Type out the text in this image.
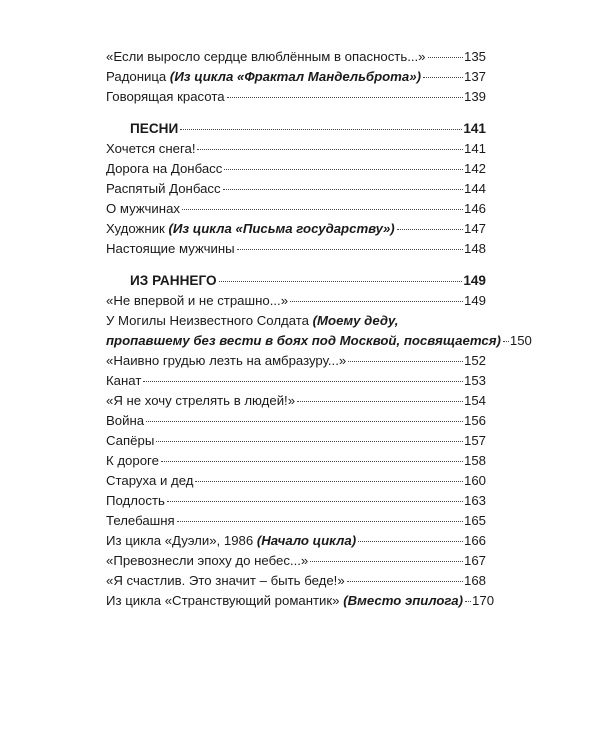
«Если выросло сердце влюблённым в опасность...»	135
Радоница (Из цикла «Фрактал Мандельброта»)	137
Говорящая красота	139
ПЕСНИ	141
Хочется снега!	141
Дорога на Донбасс	142
Распятый Донбасс	144
О мужчинах	146
Художник (Из цикла «Письма государству»)	147
Настоящие мужчины	148
ИЗ РАННЕГО	149
«Не впервой и не страшно...»	149
У Могилы Неизвестного Солдата (Моему деду,
пропавшему без вести в боях под Москвой, посвящается) 150
«Наивно грудью лезть на амбразуру...»	152
Канат	153
«Я не хочу стрелять в людей!»	154
Война	156
Сапёры	157
К дороге	158
Старуха и дед	160
Подлость	163
Телебашня	165
Из цикла «Дуэли», 1986 (Начало цикла)	166
«Превознесли эпоху до небес...»	167
«Я счастлив. Это значит – быть беде!»	168
Из цикла «Странствующий романтик» (Вместо эпилога) 170
